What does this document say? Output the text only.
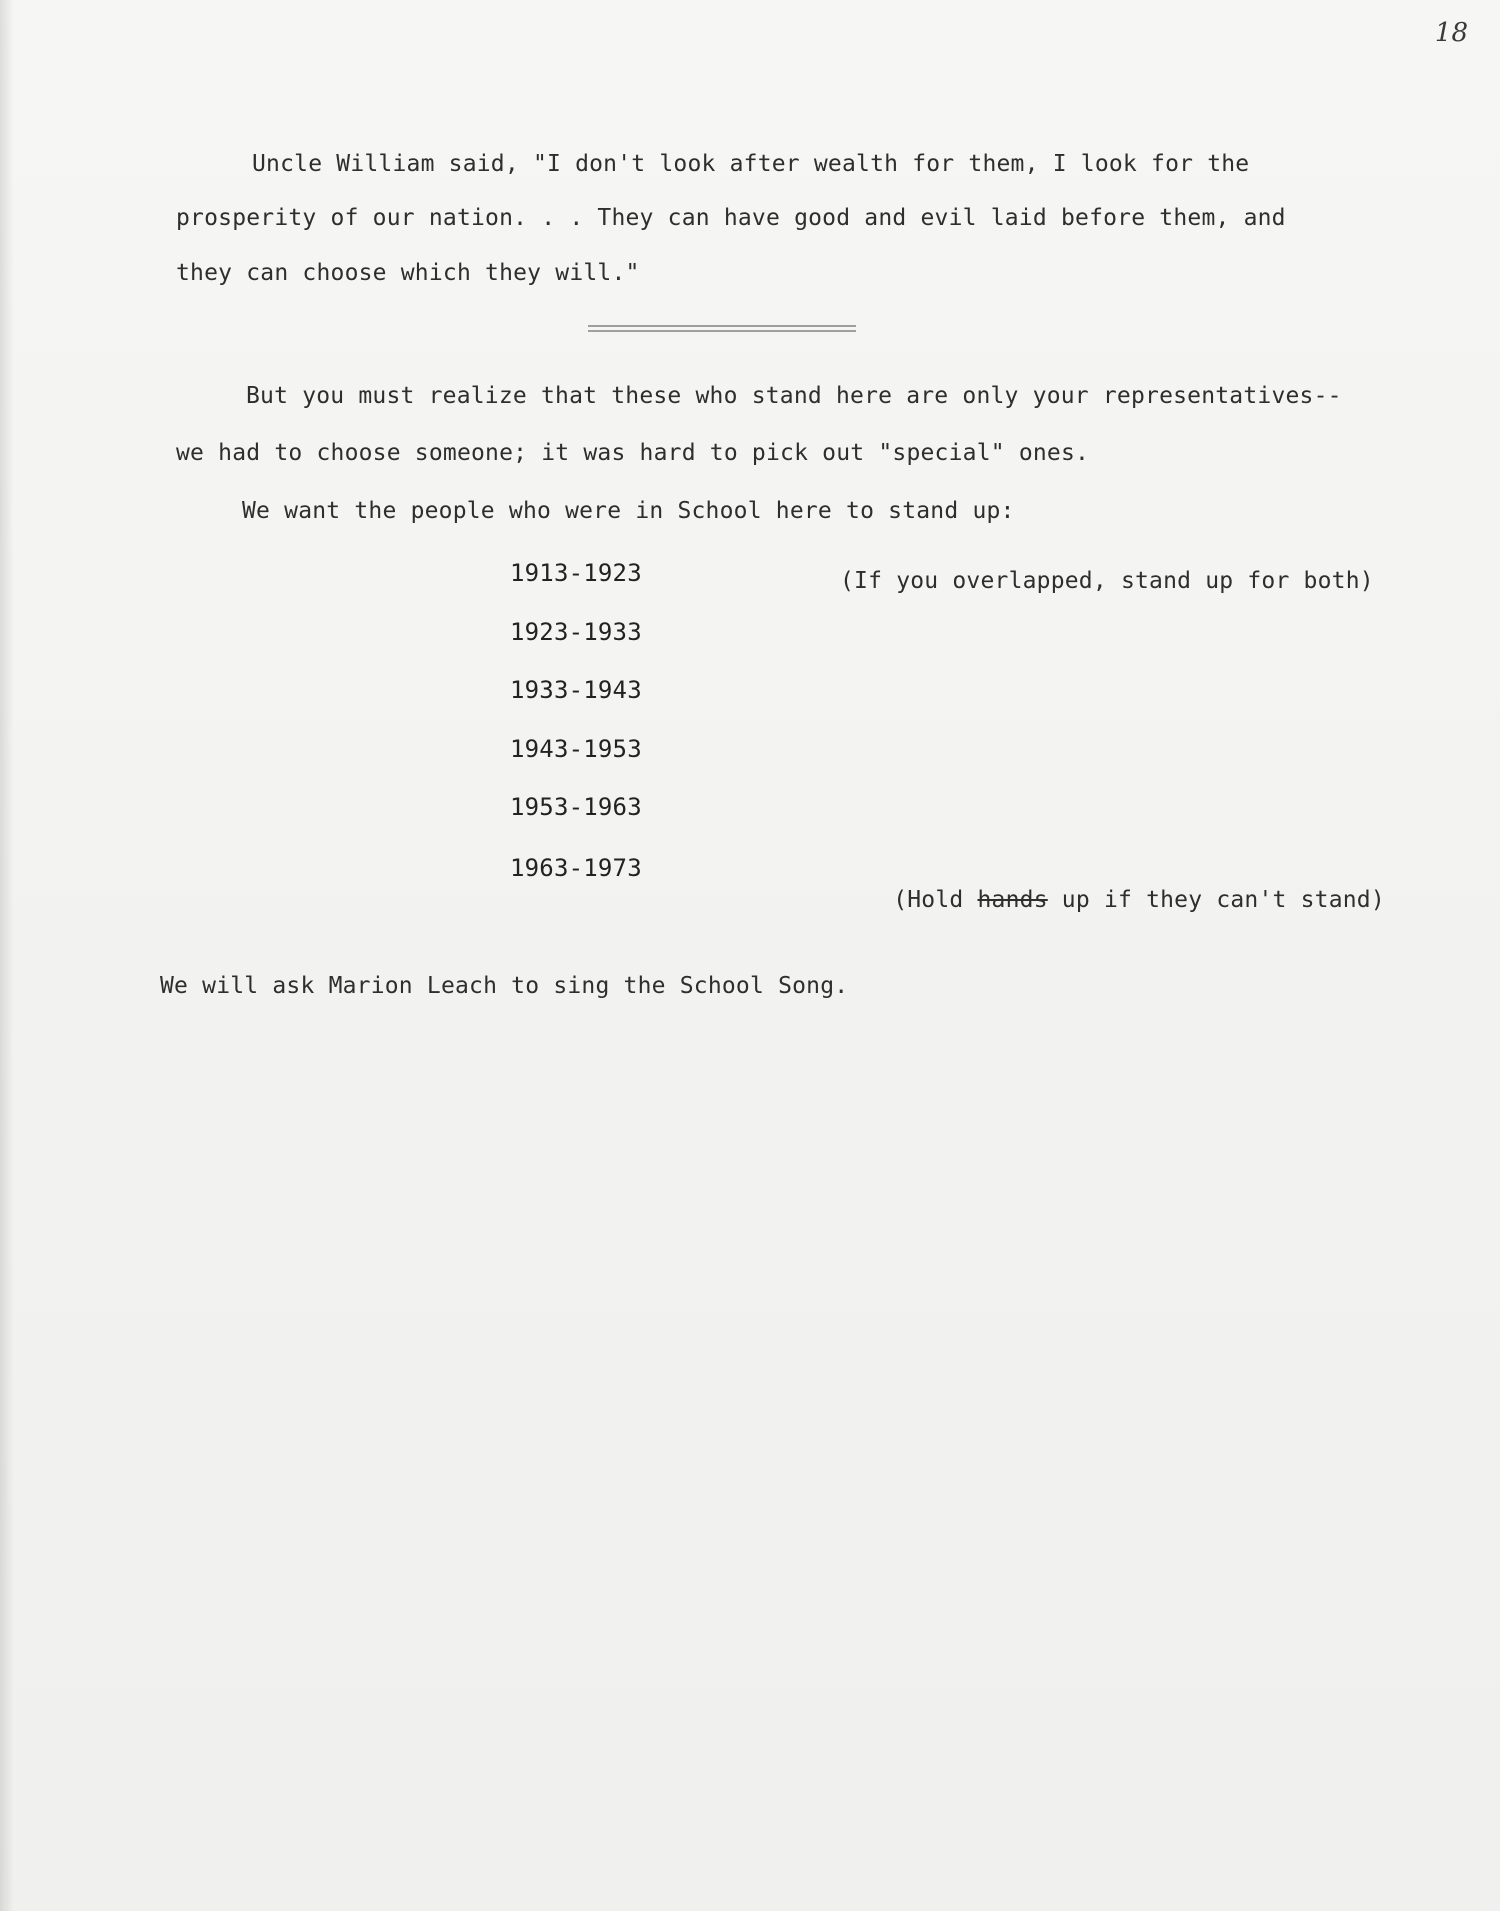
18
Uncle William said, "I don't look after wealth for them, I look for the
prosperity of our nation. . . They can have good and evil laid before them, and
they can choose which they will."
But you must realize that these who stand here are only your representatives--
we had to choose someone; it was hard to pick out "special" ones.
We want the people who were in School here to stand up:
1913-1923
1923-1933
1933-1943
1943-1953
1953-1963
1963-1973
(If you overlapped, stand up for both)

(Hold hands up if they can't stand)

We will ask Marion Leach to sing the School Song.
